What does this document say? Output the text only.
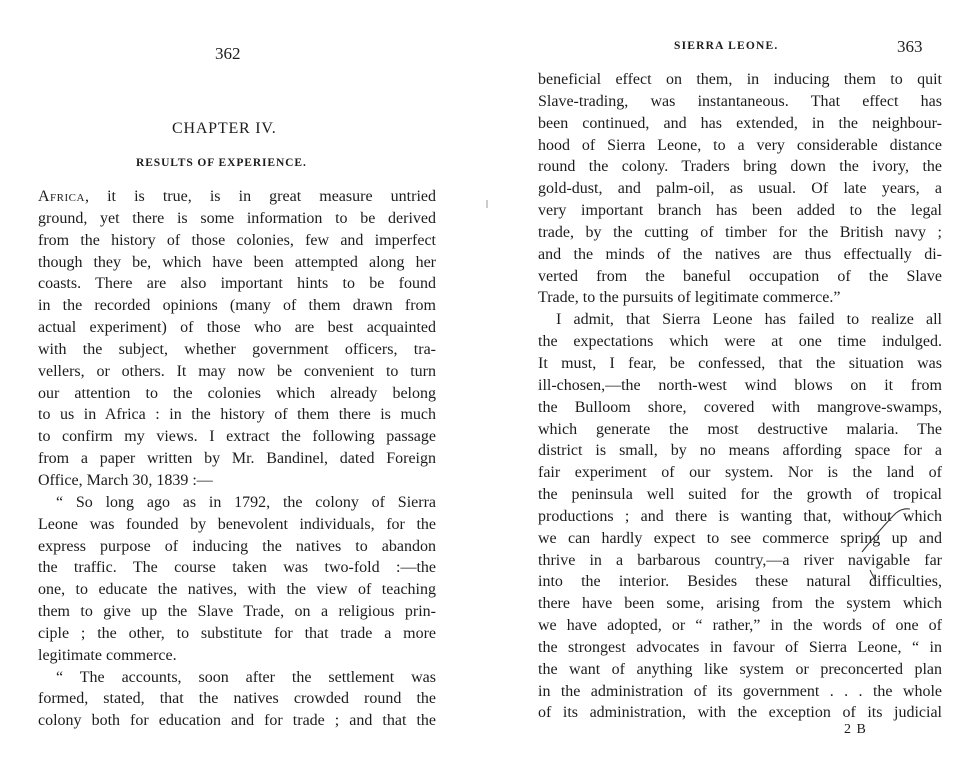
362
CHAPTER IV.
RESULTS OF EXPERIENCE.
Africa, it is true, is in great measure untried
ground, yet there is some information to be derived
from the history of those colonies, few and imperfect
though they be, which have been attempted along her
coasts. There are also important hints to be found
in the recorded opinions (many of them drawn from
actual experiment) of those who are best acquainted
with the subject, whether government officers, tra-
vellers, or others. It may now be convenient to turn
our attention to the colonies which already belong
to us in Africa : in the history of them there is much
to confirm my views. I extract the following passage
from a paper written by Mr. Bandinel, dated Foreign
Office, March 30, 1839 :—
“ So long ago as in 1792, the colony of Sierra
Leone was founded by benevolent individuals, for the
express purpose of inducing the natives to abandon
the traffic. The course taken was two-fold :—the
one, to educate the natives, with the view of teaching
them to give up the Slave Trade, on a religious prin-
ciple ; the other, to substitute for that trade a more
legitimate commerce.
“ The accounts, soon after the settlement was
formed, stated, that the natives crowded round the
colony both for education and for trade ; and that the
SIERRA LEONE.	363
beneficial effect on them, in inducing them to quit
Slave-trading, was instantaneous. That effect has
been continued, and has extended, in the neighbour-
hood of Sierra Leone, to a very considerable distance
round the colony. Traders bring down the ivory, the
gold-dust, and palm-oil, as usual. Of late years, a
very important branch has been added to the legal
trade, by the cutting of timber for the British navy ;
and the minds of the natives are thus effectually di-
verted from the baneful occupation of the Slave
Trade, to the pursuits of legitimate commerce.”
I admit, that Sierra Leone has failed to realize all
the expectations which were at one time indulged.
It must, I fear, be confessed, that the situation was
ill-chosen,—the north-west wind blows on it from
the Bulloom shore, covered with mangrove-swamps,
which generate the most destructive malaria. The
district is small, by no means affording space for a
fair experiment of our system. Nor is the land of
the peninsula well suited for the growth of tropical
productions ; and there is wanting that, without which
we can hardly expect to see commerce spring up and
thrive in a barbarous country,—a river navigable far
into the interior. Besides these natural difficulties,
there have been some, arising from the system which
we have adopted, or “ rather,” in the words of one of
the strongest advocates in favour of Sierra Leone, “ in
the want of anything like system or preconcerted plan
in the administration of its government . . . the whole
of its administration, with the exception of its judicial
2 B
